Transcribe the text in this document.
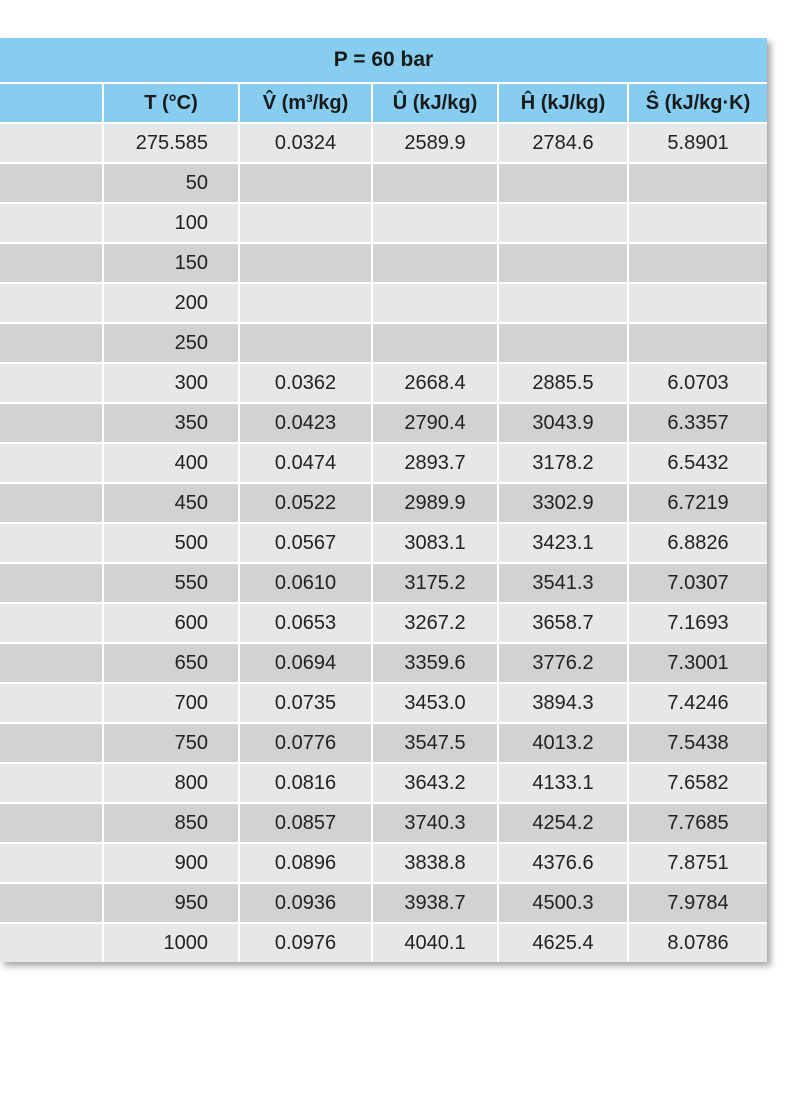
P = 60 bar
T (°C)	V̂ (m³/kg)	Û (kJ/kg)	Ĥ (kJ/kg)	Ŝ (kJ/kg·K)
275.585	0.0324	2589.9	2784.6	5.8901
50
100
150
200
250
300	0.0362	2668.4	2885.5	6.0703
350	0.0423	2790.4	3043.9	6.3357
400	0.0474	2893.7	3178.2	6.5432
450	0.0522	2989.9	3302.9	6.7219
500	0.0567	3083.1	3423.1	6.8826
550	0.0610	3175.2	3541.3	7.0307
600	0.0653	3267.2	3658.7	7.1693
650	0.0694	3359.6	3776.2	7.3001
700	0.0735	3453.0	3894.3	7.4246
750	0.0776	3547.5	4013.2	7.5438
800	0.0816	3643.2	4133.1	7.6582
850	0.0857	3740.3	4254.2	7.7685
900	0.0896	3838.8	4376.6	7.8751
950	0.0936	3938.7	4500.3	7.9784
1000	0.0976	4040.1	4625.4	8.0786
